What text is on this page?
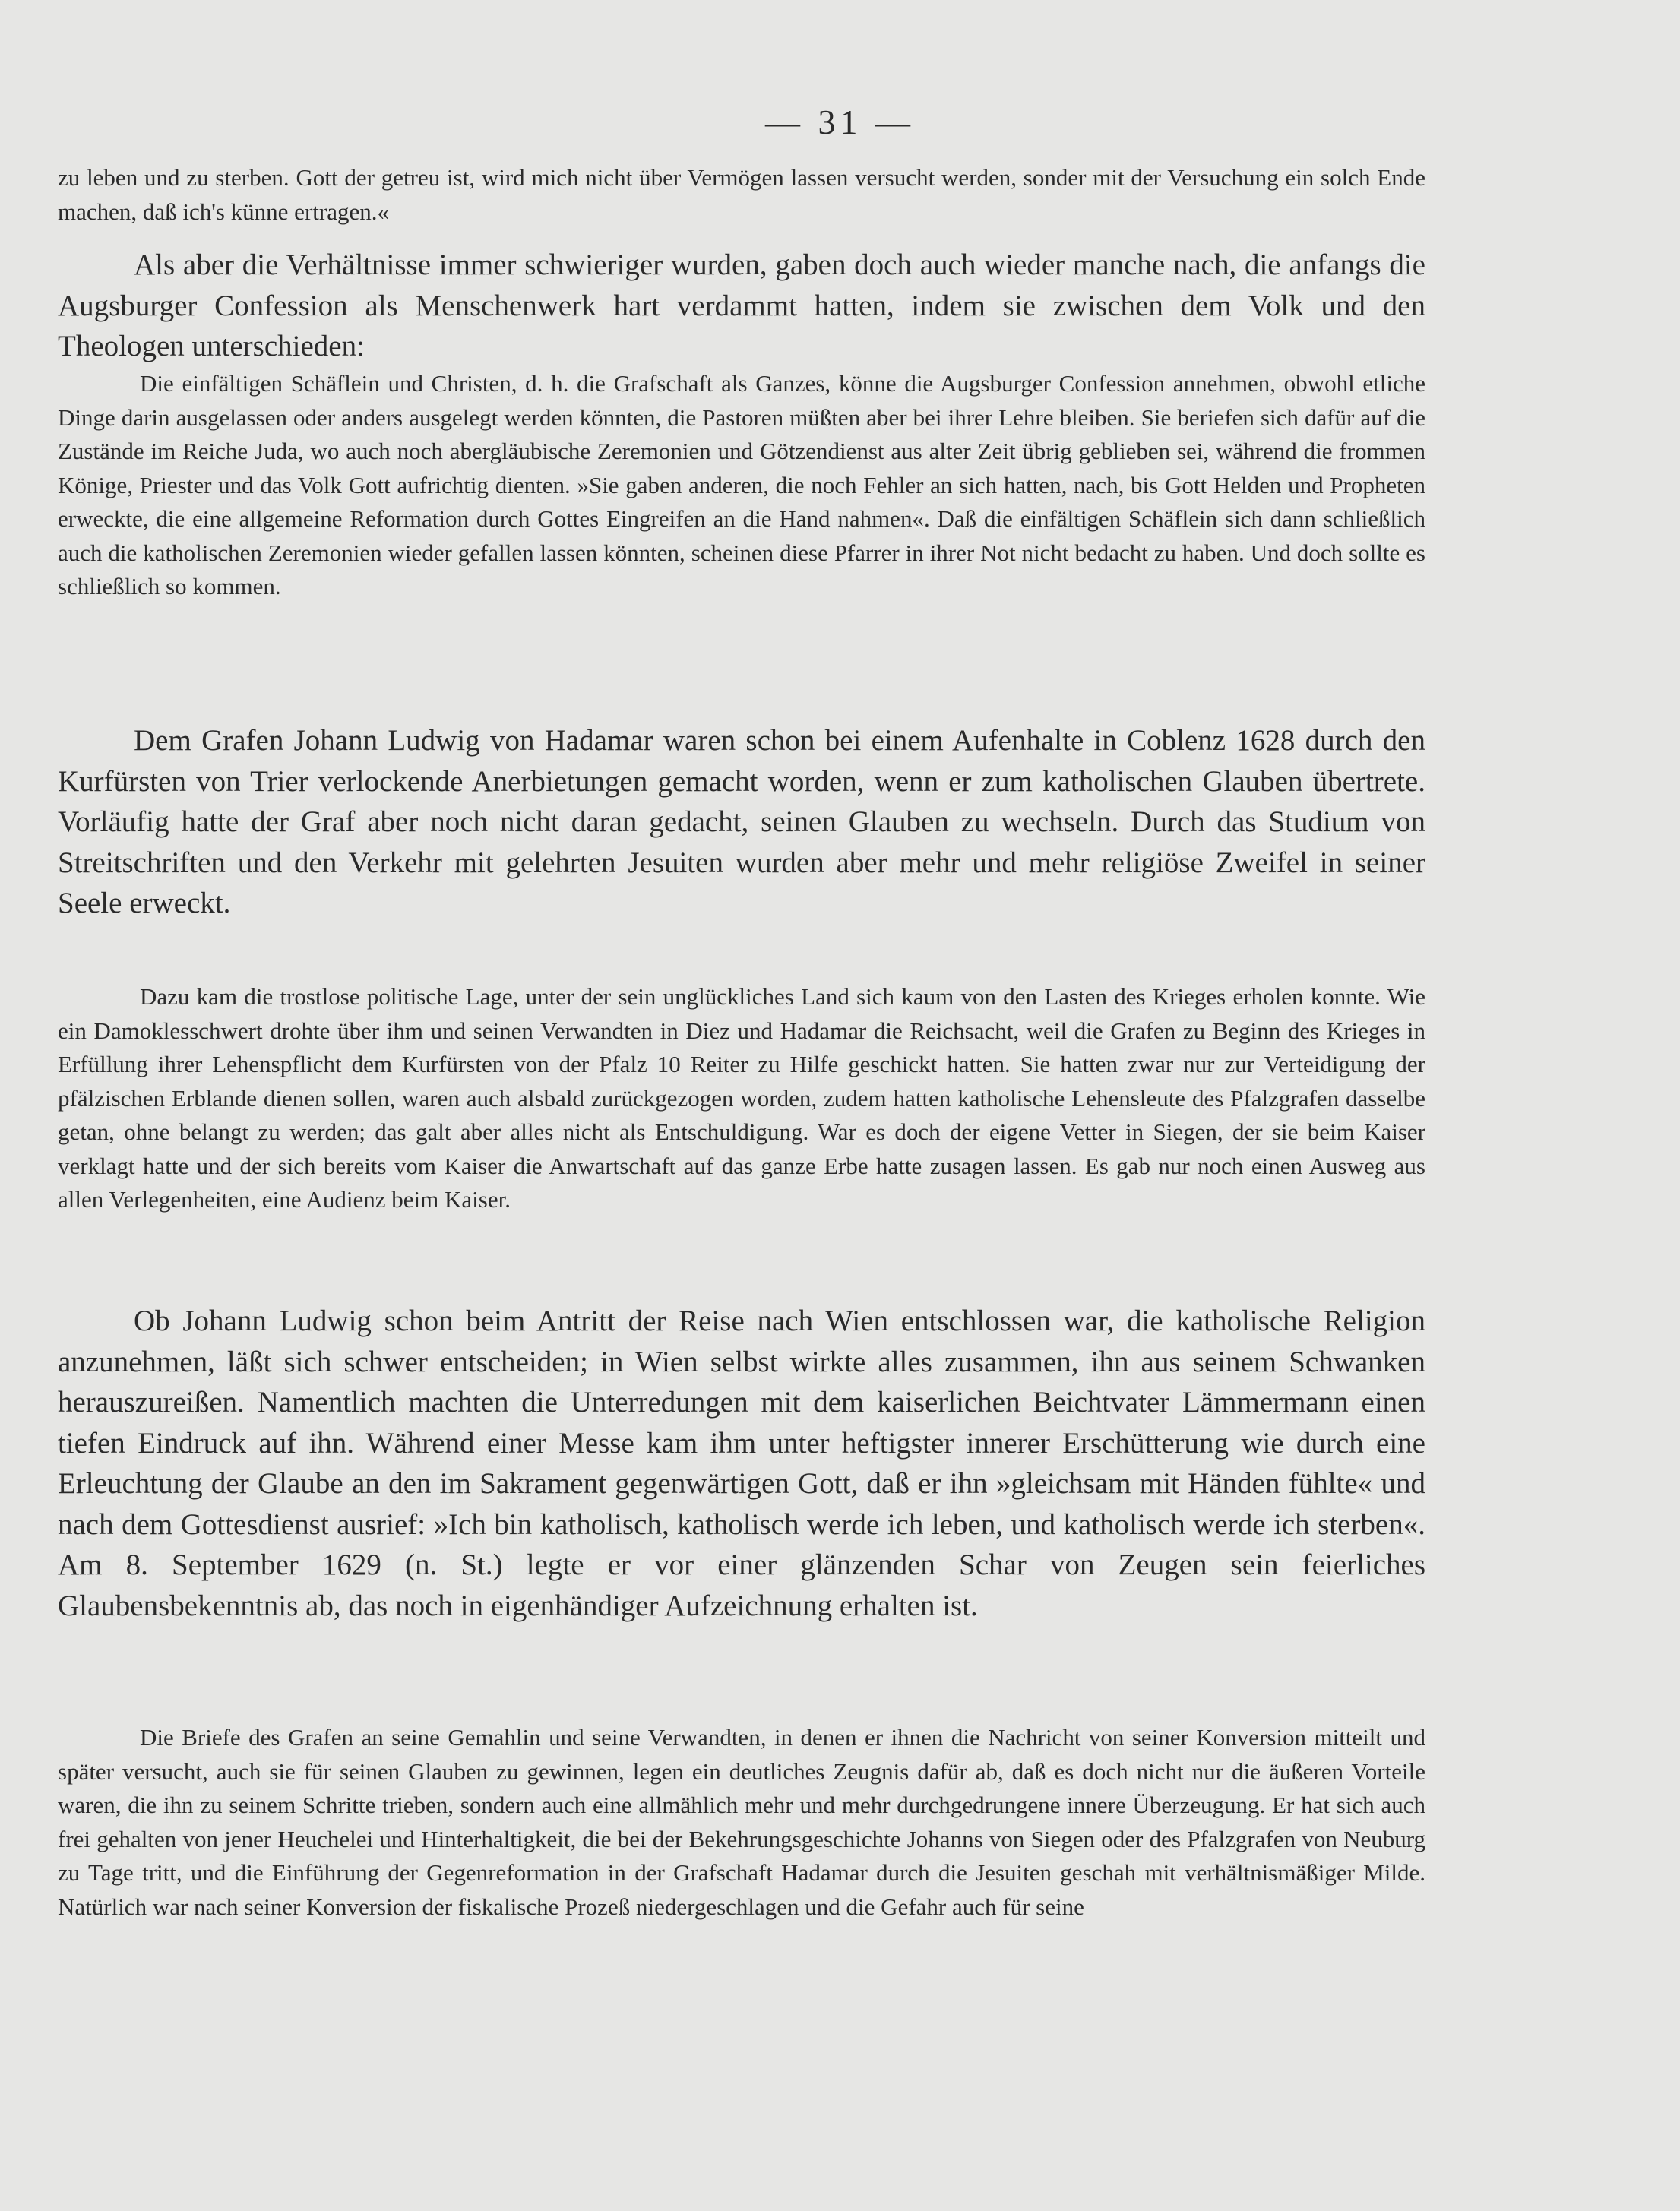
— 31 —

zu leben und zu sterben. Gott der getreu ist, wird mich nicht über Vermögen lassen versucht werden, sonder mit der Versuchung ein solch Ende machen, daß ich's künne ertragen.«

Als aber die Verhältnisse immer schwieriger wurden, gaben doch auch wieder manche nach, die anfangs die Augsburger Confession als Menschenwerk hart verdammt hatten, indem sie zwischen dem Volk und den Theologen unterschieden:

Die einfältigen Schäflein und Christen, d. h. die Grafschaft als Ganzes, könne die Augsburger Confession annehmen, obwohl etliche Dinge darin ausgelassen oder anders ausgelegt werden könnten, die Pastoren müßten aber bei ihrer Lehre bleiben. Sie beriefen sich dafür auf die Zustände im Reiche Juda, wo auch noch abergläubische Zeremonien und Götzendienst aus alter Zeit übrig geblieben sei, während die frommen Könige, Priester und das Volk Gott aufrichtig dienten. »Sie gaben anderen, die noch Fehler an sich hatten, nach, bis Gott Helden und Propheten erweckte, die eine allgemeine Reformation durch Gottes Eingreifen an die Hand nahmen«. Daß die einfältigen Schäflein sich dann schließlich auch die katholischen Zeremonien wieder gefallen lassen könnten, scheinen diese Pfarrer in ihrer Not nicht bedacht zu haben. Und doch sollte es schließlich so kommen.

Dem Grafen Johann Ludwig von Hadamar waren schon bei einem Aufenhalte in Coblenz 1628 durch den Kurfürsten von Trier verlockende Anerbietungen gemacht worden, wenn er zum katholischen Glauben übertrete. Vorläufig hatte der Graf aber noch nicht daran gedacht, seinen Glauben zu wechseln. Durch das Studium von Streitschriften und den Verkehr mit gelehrten Jesuiten wurden aber mehr und mehr religiöse Zweifel in seiner Seele erweckt.

Dazu kam die trostlose politische Lage, unter der sein unglückliches Land sich kaum von den Lasten des Krieges erholen konnte. Wie ein Damoklesschwert drohte über ihm und seinen Verwandten in Diez und Hadamar die Reichsacht, weil die Grafen zu Beginn des Krieges in Erfüllung ihrer Lehenspflicht dem Kurfürsten von der Pfalz 10 Reiter zu Hilfe geschickt hatten. Sie hatten zwar nur zur Verteidigung der pfälzischen Erblande dienen sollen, waren auch alsbald zurückgezogen worden, zudem hatten katholische Lehensleute des Pfalzgrafen dasselbe getan, ohne belangt zu werden; das galt aber alles nicht als Entschuldigung. War es doch der eigene Vetter in Siegen, der sie beim Kaiser verklagt hatte und der sich bereits vom Kaiser die Anwartschaft auf das ganze Erbe hatte zusagen lassen. Es gab nur noch einen Ausweg aus allen Verlegenheiten, eine Audienz beim Kaiser.

Ob Johann Ludwig schon beim Antritt der Reise nach Wien entschlossen war, die katholische Religion anzunehmen, läßt sich schwer entscheiden; in Wien selbst wirkte alles zusammen, ihn aus seinem Schwanken herauszureißen. Namentlich machten die Unterredungen mit dem kaiserlichen Beichtvater Lämmermann einen tiefen Eindruck auf ihn. Während einer Messe kam ihm unter heftigster innerer Erschütterung wie durch eine Erleuchtung der Glaube an den im Sakrament gegenwärtigen Gott, daß er ihn »gleichsam mit Händen fühlte« und nach dem Gottesdienst ausrief: »Ich bin katholisch, katholisch werde ich leben, und katholisch werde ich sterben«. Am 8. September 1629 (n. St.) legte er vor einer glänzenden Schar von Zeugen sein feierliches Glaubensbekenntnis ab, das noch in eigenhändiger Aufzeichnung erhalten ist.

Die Briefe des Grafen an seine Gemahlin und seine Verwandten, in denen er ihnen die Nachricht von seiner Konversion mitteilt und später versucht, auch sie für seinen Glauben zu gewinnen, legen ein deutliches Zeugnis dafür ab, daß es doch nicht nur die äußeren Vorteile waren, die ihn zu seinem Schritte trieben, sondern auch eine allmählich mehr und mehr durchgedrungene innere Überzeugung. Er hat sich auch frei gehalten von jener Heuchelei und Hinterhaltigkeit, die bei der Bekehrungsgeschichte Johanns von Siegen oder des Pfalzgrafen von Neuburg zu Tage tritt, und die Einführung der Gegenreformation in der Grafschaft Hadamar durch die Jesuiten geschah mit verhältnismäßiger Milde. Natürlich war nach seiner Konversion der fiskalische Prozeß niedergeschlagen und die Gefahr auch für seine
